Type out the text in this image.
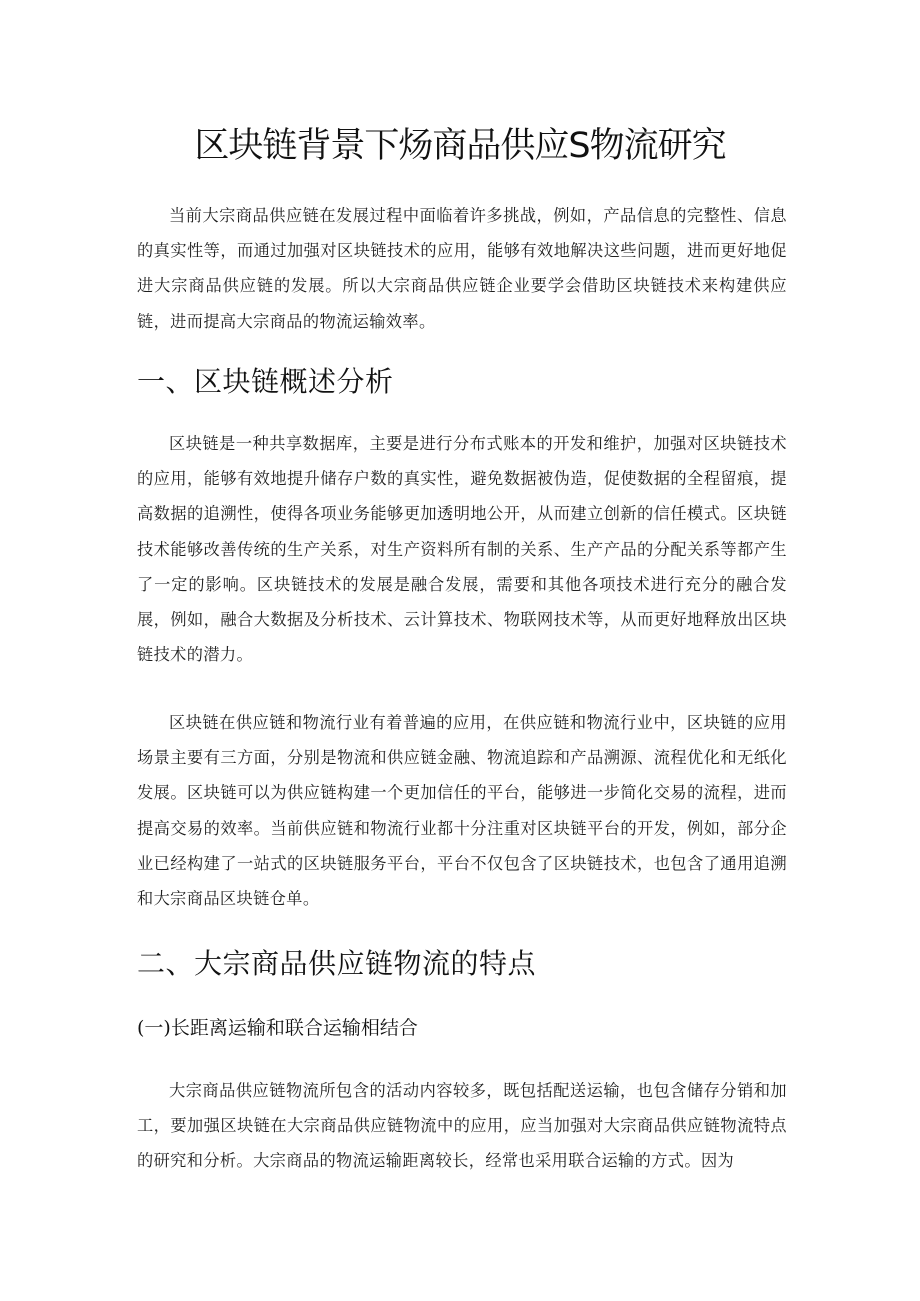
区块链背景下炀商品供应S物流研究

当前大宗商品供应链在发展过程中面临着许多挑战，例如，产品信息的完整性、信息的真实性等，而通过加强对区块链技术的应用，能够有效地解决这些问题，进而更好地促进大宗商品供应链的发展。所以大宗商品供应链企业要学会借助区块链技术来构建供应链，进而提高大宗商品的物流运输效率。

一、区块链概述分析

区块链是一种共享数据库，主要是进行分布式账本的开发和维护，加强对区块链技术的应用，能够有效地提升储存户数的真实性，避免数据被伪造，促使数据的全程留痕，提高数据的追溯性，使得各项业务能够更加透明地公开，从而建立创新的信任模式。区块链技术能够改善传统的生产关系，对生产资料所有制的关系、生产产品的分配关系等都产生了一定的影响。区块链技术的发展是融合发展，需要和其他各项技术进行充分的融合发展，例如，融合大数据及分析技术、云计算技术、物联网技术等，从而更好地释放出区块链技术的潜力。

区块链在供应链和物流行业有着普遍的应用，在供应链和物流行业中，区块链的应用场景主要有三方面，分别是物流和供应链金融、物流追踪和产品溯源、流程优化和无纸化发展。区块链可以为供应链构建一个更加信任的平台，能够进一步简化交易的流程，进而提高交易的效率。当前供应链和物流行业都十分注重对区块链平台的开发，例如，部分企业已经构建了一站式的区块链服务平台，平台不仅包含了区块链技术，也包含了通用追溯和大宗商品区块链仓单。

二、大宗商品供应链物流的特点
(一)长距离运输和联合运输相结合

大宗商品供应链物流所包含的活动内容较多，既包括配送运输，也包含储存分销和加工，要加强区块链在大宗商品供应链物流中的应用，应当加强对大宗商品供应链物流特点的研究和分析。大宗商品的物流运输距离较长，经常也采用联合运输的方式。因为
